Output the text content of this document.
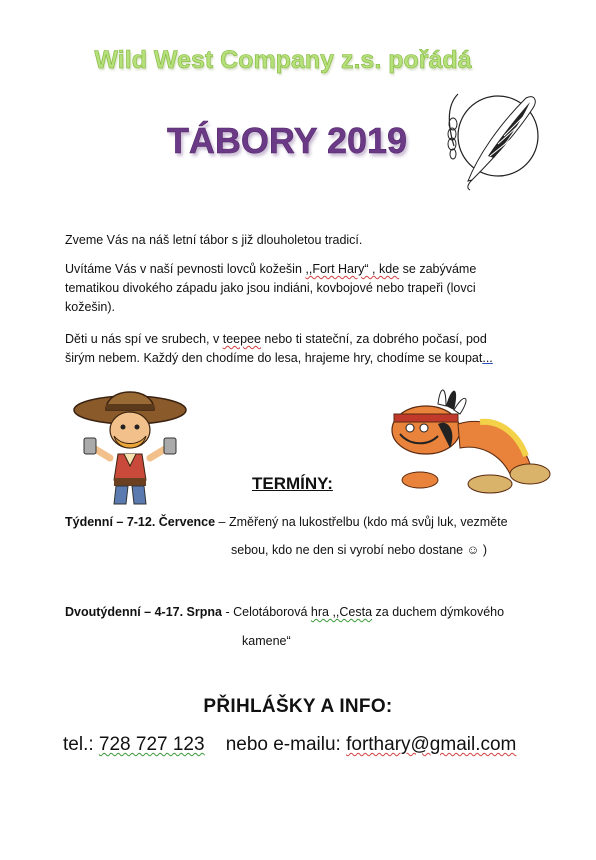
Wild West Company z.s. pořádá
TÁBORY 2019
Zveme Vás na náš letní tábor s již dlouholetou tradicí.
Uvítáme Vás v naší pevnosti lovců kožešin ,,Fort Hary“ , kde se zabýváme tematikou divokého západu jako jsou indiáni, kovbojové nebo trapeři (lovci kožešin).
Děti u nás spí ve srubech, v teepee nebo ti stateční, za dobrého počasí, pod širým nebem. Každý den chodíme do lesa, hrajeme hry, chodíme se koupat...
TERMÍNY:
Týdenní – 7-12. Července – Změřený na lukostřelbu (kdo má svůj luk, vezměte
sebou, kdo ne den si vyrobí nebo dostane ☺ )
Dvoutýdenní – 4-17. Srpna - Celotáborová hra ,,Cesta za duchem dýmkového
kamene“
PŘIHLÁŠKY A INFO:
tel.: 728 727 123    nebo e-mailu: forthary@gmail.com
